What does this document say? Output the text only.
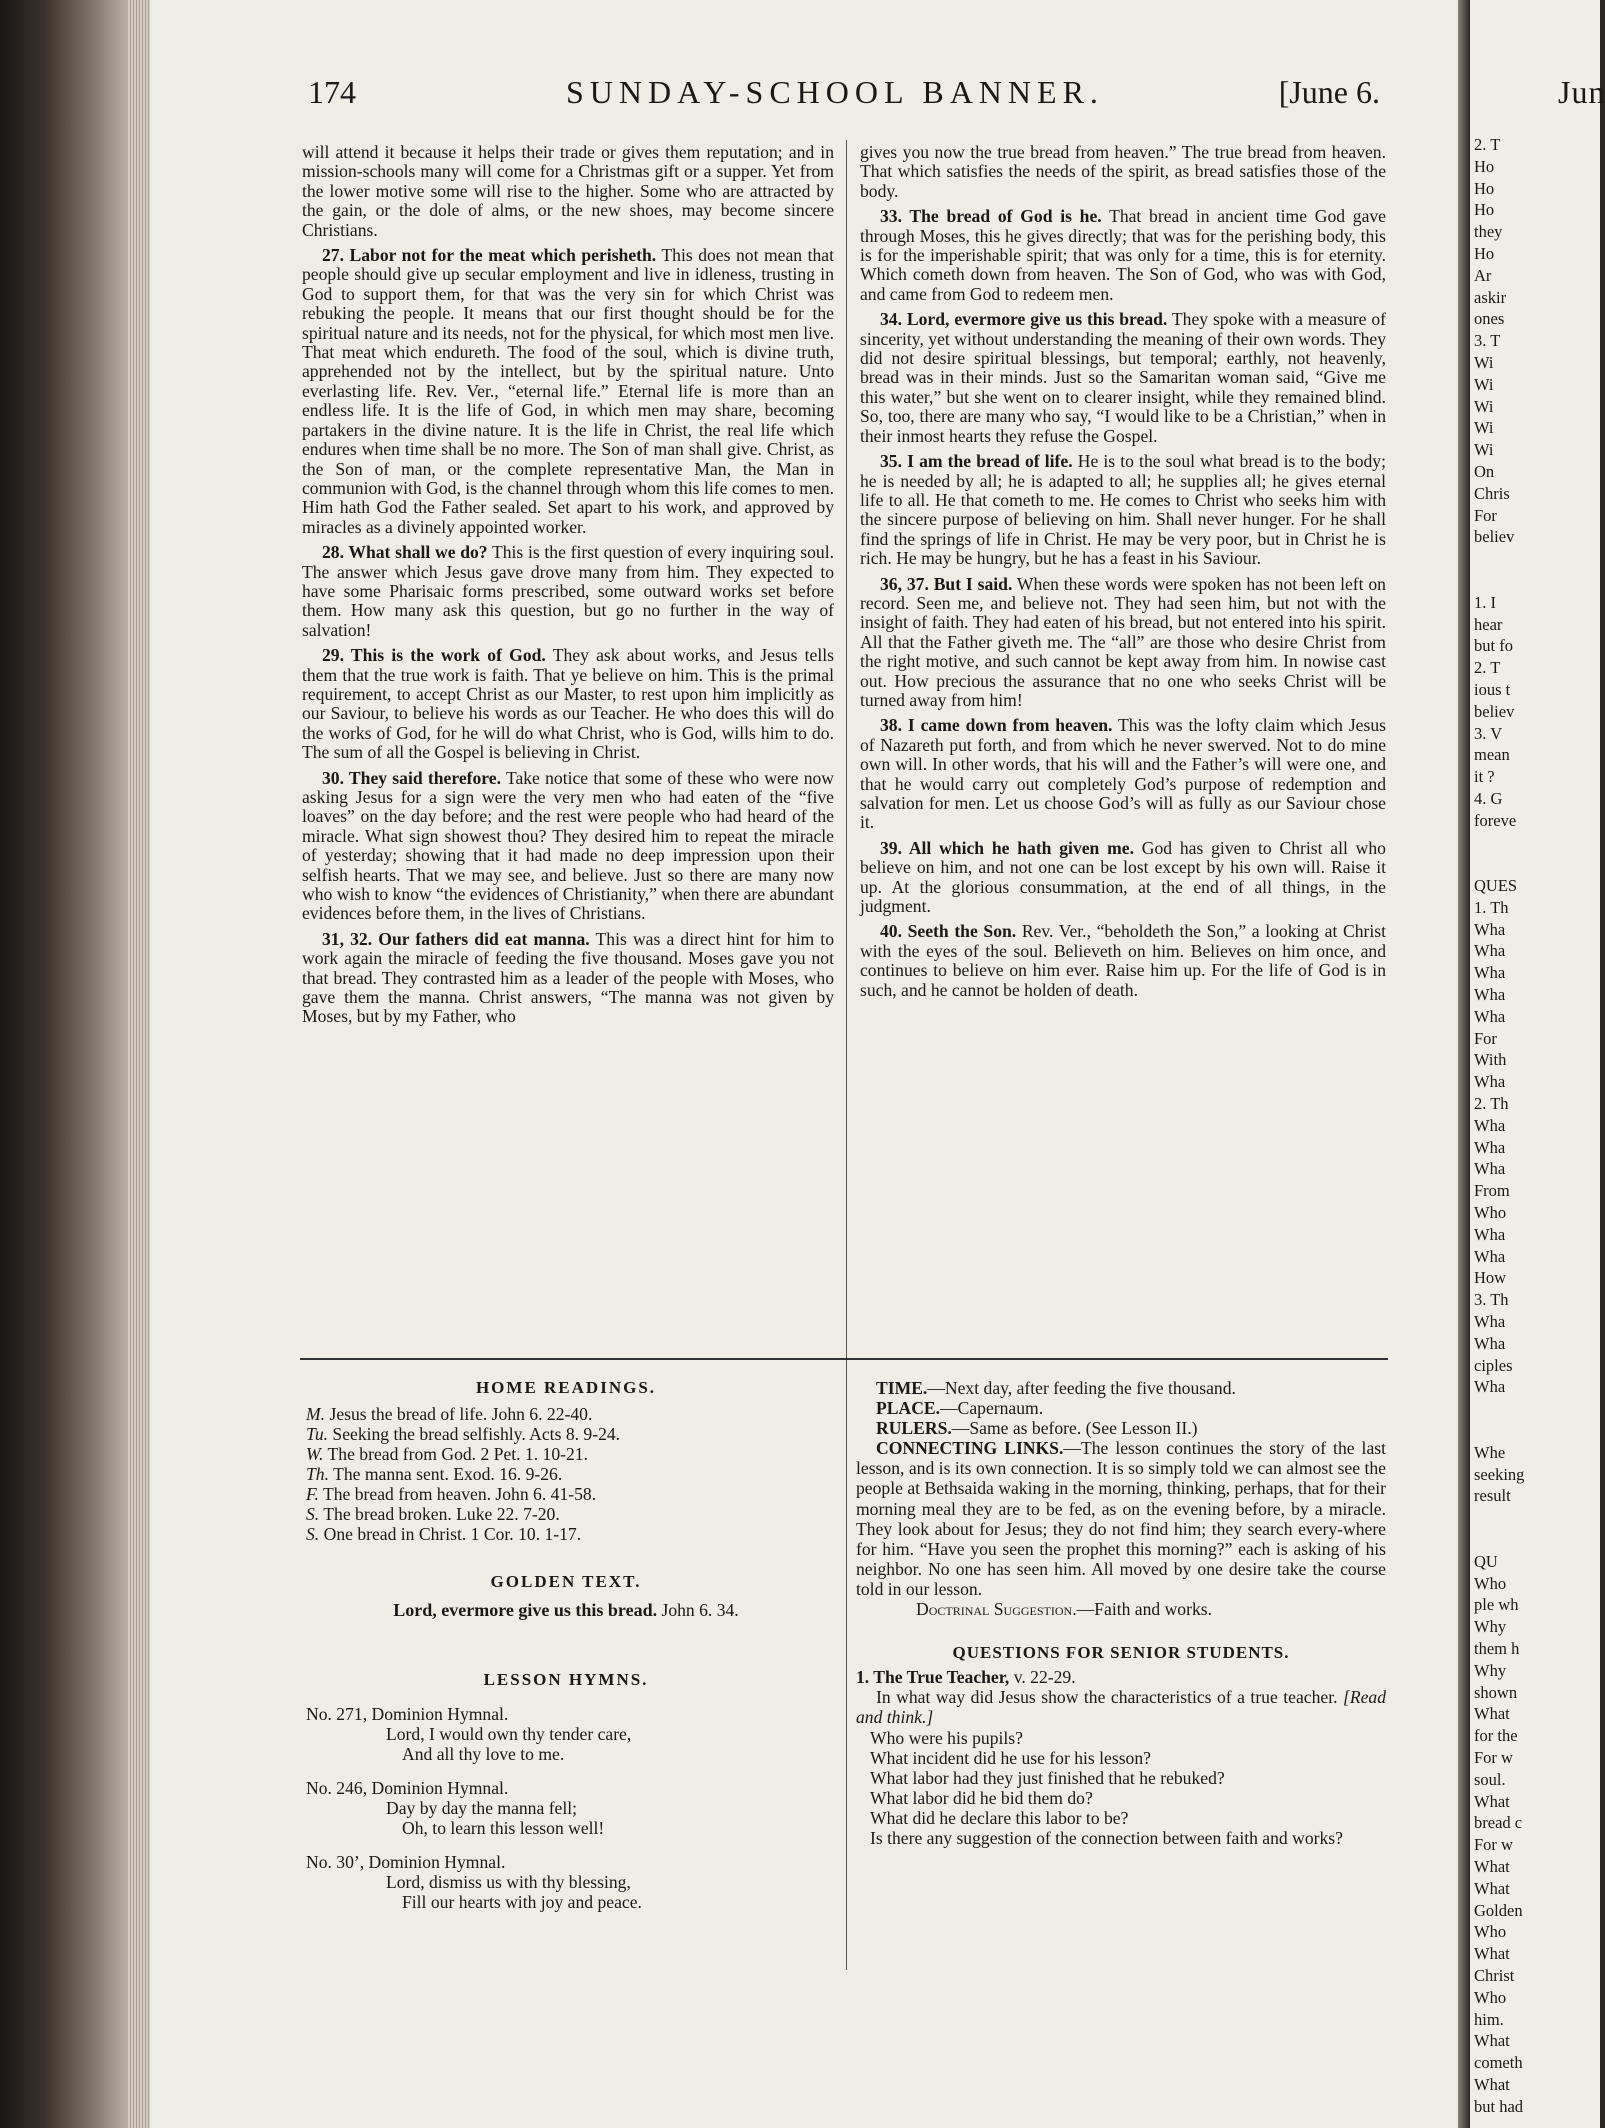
Jun
2. T
Ho
Ho
Ho
they
Ho
Ar
askir
ones
3. T
Wi
Wi
Wi
Wi
Wi
On
Chris
For
believ
1. I
hear
but fo
2. T
ious t
believ
3. V
mean
it ?
4. G
foreve
QUES
1. Th
Wha
Wha
Wha
Wha
Wha
For
With
Wha
2. Th
Wha
Wha
Wha
From
Who
Wha
Wha
How
3. Th
Wha
Wha
ciples
Wha
Whe
seeking
result
QU
Who
ple wh
Why
them h
Why
shown
What
for the
For w
soul.
What
bread c
For w
What
What
Golden
Who
What
Christ
Who
him.
What
cometh
What
but had
174	SUNDAY-SCHOOL BANNER.	[June 6.

will attend it because it helps their trade or gives them reputation; and in mission-schools many will come for a Christmas gift or a supper. Yet from the lower motive some will rise to the higher. Some who are attracted by the gain, or the dole of alms, or the new shoes, may become sincere Christians.

27. Labor not for the meat which perisheth. This does not mean that people should give up secular employment and live in idleness, trusting in God to support them, for that was the very sin for which Christ was rebuking the people. It means that our first thought should be for the spiritual nature and its needs, not for the physical, for which most men live. That meat which endureth. The food of the soul, which is divine truth, apprehended not by the intellect, but by the spiritual nature. Unto everlasting life. Rev. Ver., “eternal life.” Eternal life is more than an endless life. It is the life of God, in which men may share, becoming partakers in the divine nature. It is the life in Christ, the real life which endures when time shall be no more. The Son of man shall give. Christ, as the Son of man, or the complete representative Man, the Man in communion with God, is the channel through whom this life comes to men. Him hath God the Father sealed. Set apart to his work, and approved by miracles as a divinely appointed worker.

28. What shall we do? This is the first question of every inquiring soul. The answer which Jesus gave drove many from him. They expected to have some Pharisaic forms prescribed, some outward works set before them. How many ask this question, but go no further in the way of salvation!

29. This is the work of God. They ask about works, and Jesus tells them that the true work is faith. That ye believe on him. This is the primal requirement, to accept Christ as our Master, to rest upon him implicitly as our Saviour, to believe his words as our Teacher. He who does this will do the works of God, for he will do what Christ, who is God, wills him to do. The sum of all the Gospel is believing in Christ.

30. They said therefore. Take notice that some of these who were now asking Jesus for a sign were the very men who had eaten of the “five loaves” on the day before; and the rest were people who had heard of the miracle. What sign showest thou? They desired him to repeat the miracle of yesterday; showing that it had made no deep impression upon their selfish hearts. That we may see, and believe. Just so there are many now who wish to know “the evidences of Christianity,” when there are abundant evidences before them, in the lives of Christians.

31, 32. Our fathers did eat manna. This was a direct hint for him to work again the miracle of feeding the five thousand. Moses gave you not that bread. They contrasted him as a leader of the people with Moses, who gave them the manna. Christ answers, “The manna was not given by Moses, but by my Father, who

gives you now the true bread from heaven.” The true bread from heaven. That which satisfies the needs of the spirit, as bread satisfies those of the body.

33. The bread of God is he. That bread in ancient time God gave through Moses, this he gives directly; that was for the perishing body, this is for the imperishable spirit; that was only for a time, this is for eternity. Which cometh down from heaven. The Son of God, who was with God, and came from God to redeem men.

34. Lord, evermore give us this bread. They spoke with a measure of sincerity, yet without understanding the meaning of their own words. They did not desire spiritual blessings, but temporal; earthly, not heavenly, bread was in their minds. Just so the Samaritan woman said, “Give me this water,” but she went on to clearer insight, while they remained blind. So, too, there are many who say, “I would like to be a Christian,” when in their inmost hearts they refuse the Gospel.

35. I am the bread of life. He is to the soul what bread is to the body; he is needed by all; he is adapted to all; he supplies all; he gives eternal life to all. He that cometh to me. He comes to Christ who seeks him with the sincere purpose of believing on him. Shall never hunger. For he shall find the springs of life in Christ. He may be very poor, but in Christ he is rich. He may be hungry, but he has a feast in his Saviour.

36, 37. But I said. When these words were spoken has not been left on record. Seen me, and believe not. They had seen him, but not with the insight of faith. They had eaten of his bread, but not entered into his spirit. All that the Father giveth me. The “all” are those who desire Christ from the right motive, and such cannot be kept away from him. In nowise cast out. How precious the assurance that no one who seeks Christ will be turned away from him!

38. I came down from heaven. This was the lofty claim which Jesus of Nazareth put forth, and from which he never swerved. Not to do mine own will. In other words, that his will and the Father’s will were one, and that he would carry out completely God’s purpose of redemption and salvation for men. Let us choose God’s will as fully as our Saviour chose it.

39. All which he hath given me. God has given to Christ all who believe on him, and not one can be lost except by his own will. Raise it up. At the glorious consummation, at the end of all things, in the judgment.

40. Seeth the Son. Rev. Ver., “beholdeth the Son,” a looking at Christ with the eyes of the soul. Believeth on him. Believes on him once, and continues to believe on him ever. Raise him up. For the life of God is in such, and he cannot be holden of death.

HOME READINGS.
M. Jesus the bread of life. John 6. 22-40.
Tu. Seeking the bread selfishly. Acts 8. 9-24.
W. The bread from God. 2 Pet. 1. 10-21.
Th. The manna sent. Exod. 16. 9-26.
F. The bread from heaven. John 6. 41-58.
S. The bread broken. Luke 22. 7-20.
S. One bread in Christ. 1 Cor. 10. 1-17.
GOLDEN TEXT.
Lord, evermore give us this bread. John 6. 34.
LESSON HYMNS.
No. 271, Dominion Hymnal.
Lord, I would own thy tender care,
And all thy love to me.
No. 246, Dominion Hymnal.
Day by day the manna fell;
Oh, to learn this lesson well!
No. 30ʼ, Dominion Hymnal.
Lord, dismiss us with thy blessing,
Fill our hearts with joy and peace.

TIME.—Next day, after feeding the five thousand.

PLACE.—Capernaum.

RULERS.—Same as before. (See Lesson II.)

CONNECTING LINKS.—The lesson continues the story of the last lesson, and is its own connection. It is so simply told we can almost see the people at Bethsaida waking in the morning, thinking, perhaps, that for their morning meal they are to be fed, as on the evening before, by a miracle. They look about for Jesus; they do not find him; they search every-where for him. “Have you seen the prophet this morning?” each is asking of his neighbor. No one has seen him. All moved by one desire take the course told in our lesson.

Doctrinal Suggestion.—Faith and works.

QUESTIONS FOR SENIOR STUDENTS.
1. The True Teacher, v. 22-29.

In what way did Jesus show the characteristics of a true teacher. [Read and think.]

Who were his pupils?
What incident did he use for his lesson?
What labor had they just finished that he rebuked?
What labor did he bid them do?
What did he declare this labor to be?
Is there any suggestion of the connection between faith and works?
